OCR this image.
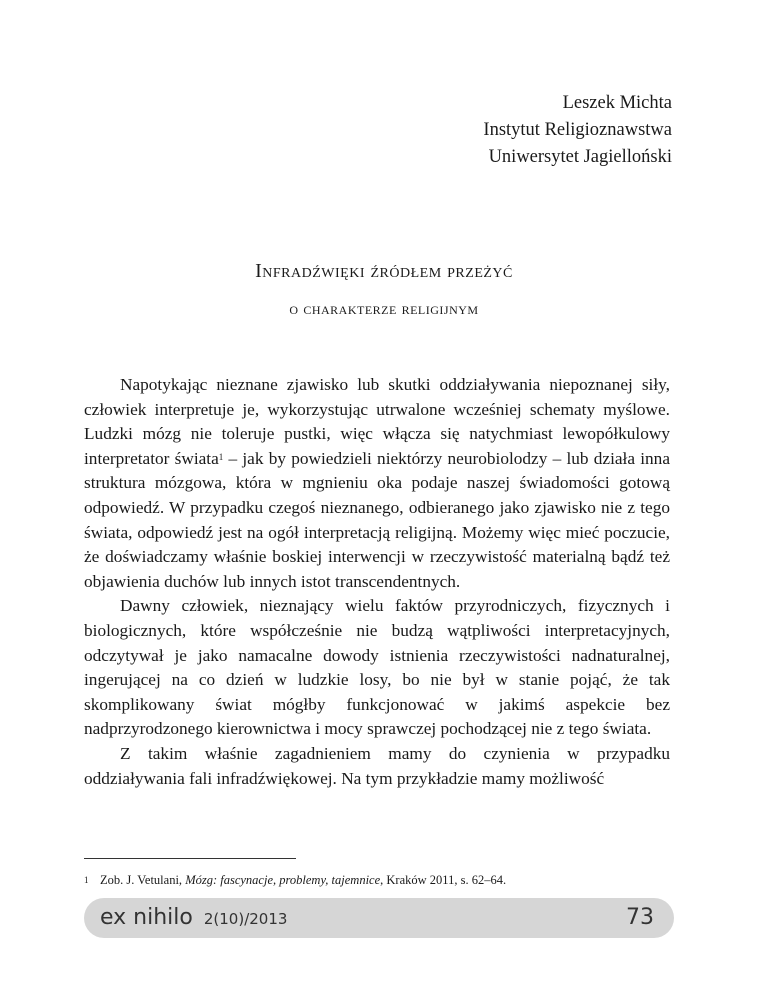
Leszek Michta
Instytut Religioznawstwa
Uniwersytet Jagielloński
Infradźwięki źródłem przeżyć
o charakterze religijnym

Napotykając nieznane zjawisko lub skutki oddziaływania niepoznanej siły, człowiek interpretuje je, wykorzystując utrwalone wcześniej schematy myślowe. Ludzki mózg nie toleruje pustki, więc włącza się natychmiast lewopółkulowy interpretator świata$^1$ – jak by powiedzieli niektórzy neurobiolodzy – lub działa inna struktura mózgowa, która w mgnieniu oka podaje naszej świadomości gotową odpowiedź. W przypadku czegoś nieznanego, odbieranego jako zjawisko nie z tego świata, odpowiedź jest na ogół interpretacją religijną. Możemy więc mieć poczucie, że doświadczamy właśnie boskiej interwencji w rzeczywistość materialną bądź też objawienia duchów lub innych istot transcendentnych.

Dawny człowiek, nieznający wielu faktów przyrodniczych, fizycznych i biologicznych, które współcześnie nie budzą wątpliwości interpretacyjnych, odczytywał je jako namacalne dowody istnienia rzeczywistości nadnaturalnej, ingerującej na co dzień w ludzkie losy, bo nie był w stanie pojąć, że tak skomplikowany świat mógłby funkcjonować w jakimś aspekcie bez nadprzyrodzonego kierownictwa i mocy sprawczej pochodzącej nie z tego świata.

Z takim właśnie zagadnieniem mamy do czynienia w przypadku oddziaływania fali infradźwiękowej. Na tym przykładzie mamy możliwość

1 Zob. J. Vetulani, Mózg: fascynacje, problemy, tajemnice, Kraków 2011, s. 62–64.
ex nihilo 2(10)/2013	73
